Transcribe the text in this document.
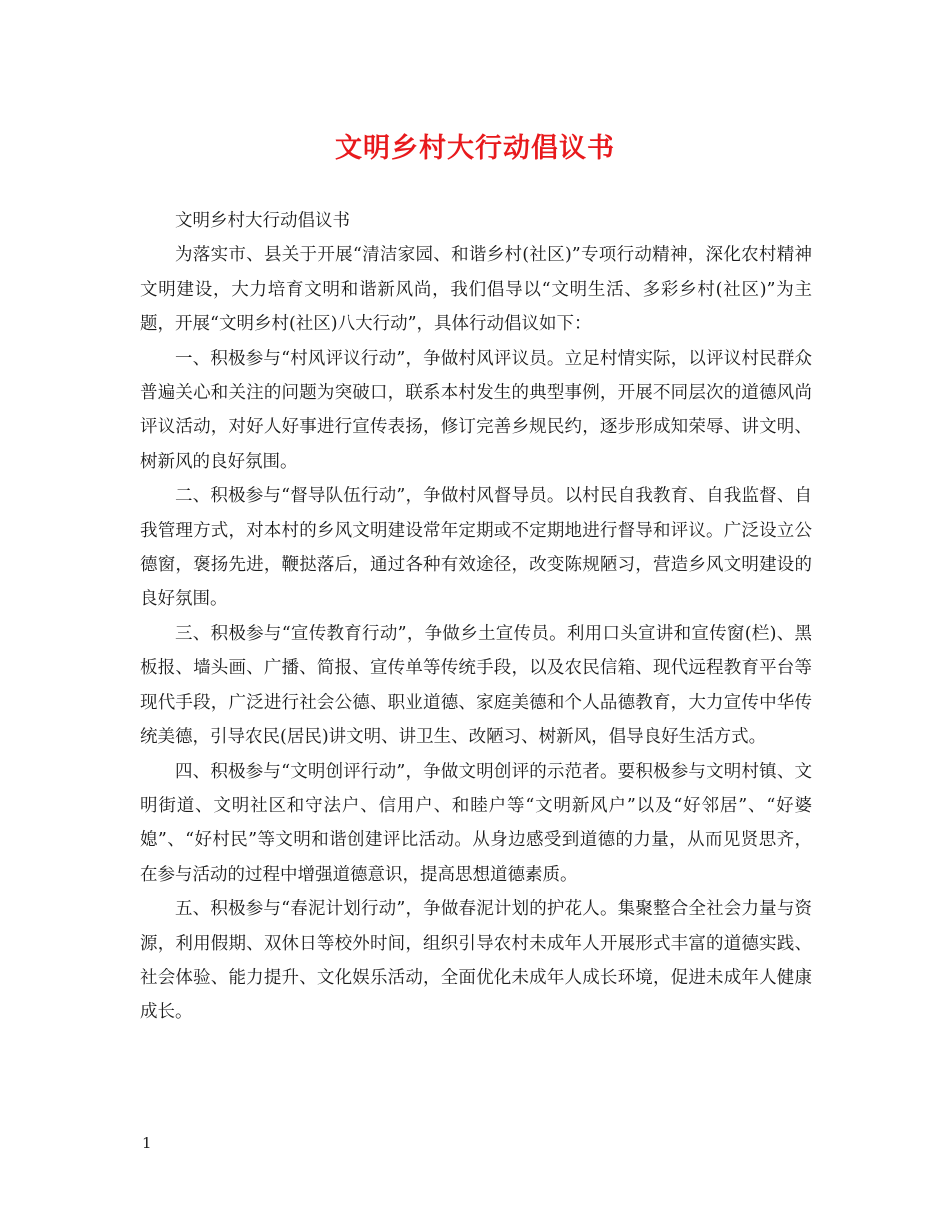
文明乡村大行动倡议书

文明乡村大行动倡议书

为落实市、县关于开展“清洁家园、和谐乡村(社区)”专项行动精神，深化农村精神文明建设，大力培育文明和谐新风尚，我们倡导以“文明生活、多彩乡村(社区)”为主题，开展“文明乡村(社区)八大行动”，具体行动倡议如下：

一、积极参与“村风评议行动”，争做村风评议员。立足村情实际，以评议村民群众普遍关心和关注的问题为突破口，联系本村发生的典型事例，开展不同层次的道德风尚评议活动，对好人好事进行宣传表扬，修订完善乡规民约，逐步形成知荣辱、讲文明、树新风的良好氛围。

二、积极参与“督导队伍行动”，争做村风督导员。以村民自我教育、自我监督、自我管理方式，对本村的乡风文明建设常年定期或不定期地进行督导和评议。广泛设立公德窗，褒扬先进，鞭挞落后，通过各种有效途径，改变陈规陋习，营造乡风文明建设的良好氛围。

三、积极参与“宣传教育行动”，争做乡土宣传员。利用口头宣讲和宣传窗(栏)、黑板报、墙头画、广播、简报、宣传单等传统手段，以及农民信箱、现代远程教育平台等现代手段，广泛进行社会公德、职业道德、家庭美德和个人品德教育，大力宣传中华传统美德，引导农民(居民)讲文明、讲卫生、改陋习、树新风，倡导良好生活方式。

四、积极参与“文明创评行动”，争做文明创评的示范者。要积极参与文明村镇、文明街道、文明社区和守法户、信用户、和睦户等“文明新风户”以及“好邻居”、“好婆媳”、“好村民”等文明和谐创建评比活动。从身边感受到道德的力量，从而见贤思齐，在参与活动的过程中增强道德意识，提高思想道德素质。

五、积极参与“春泥计划行动”，争做春泥计划的护花人。集聚整合全社会力量与资源，利用假期、双休日等校外时间，组织引导农村未成年人开展形式丰富的道德实践、社会体验、能力提升、文化娱乐活动，全面优化未成年人成长环境，促进未成年人健康成长。

1
